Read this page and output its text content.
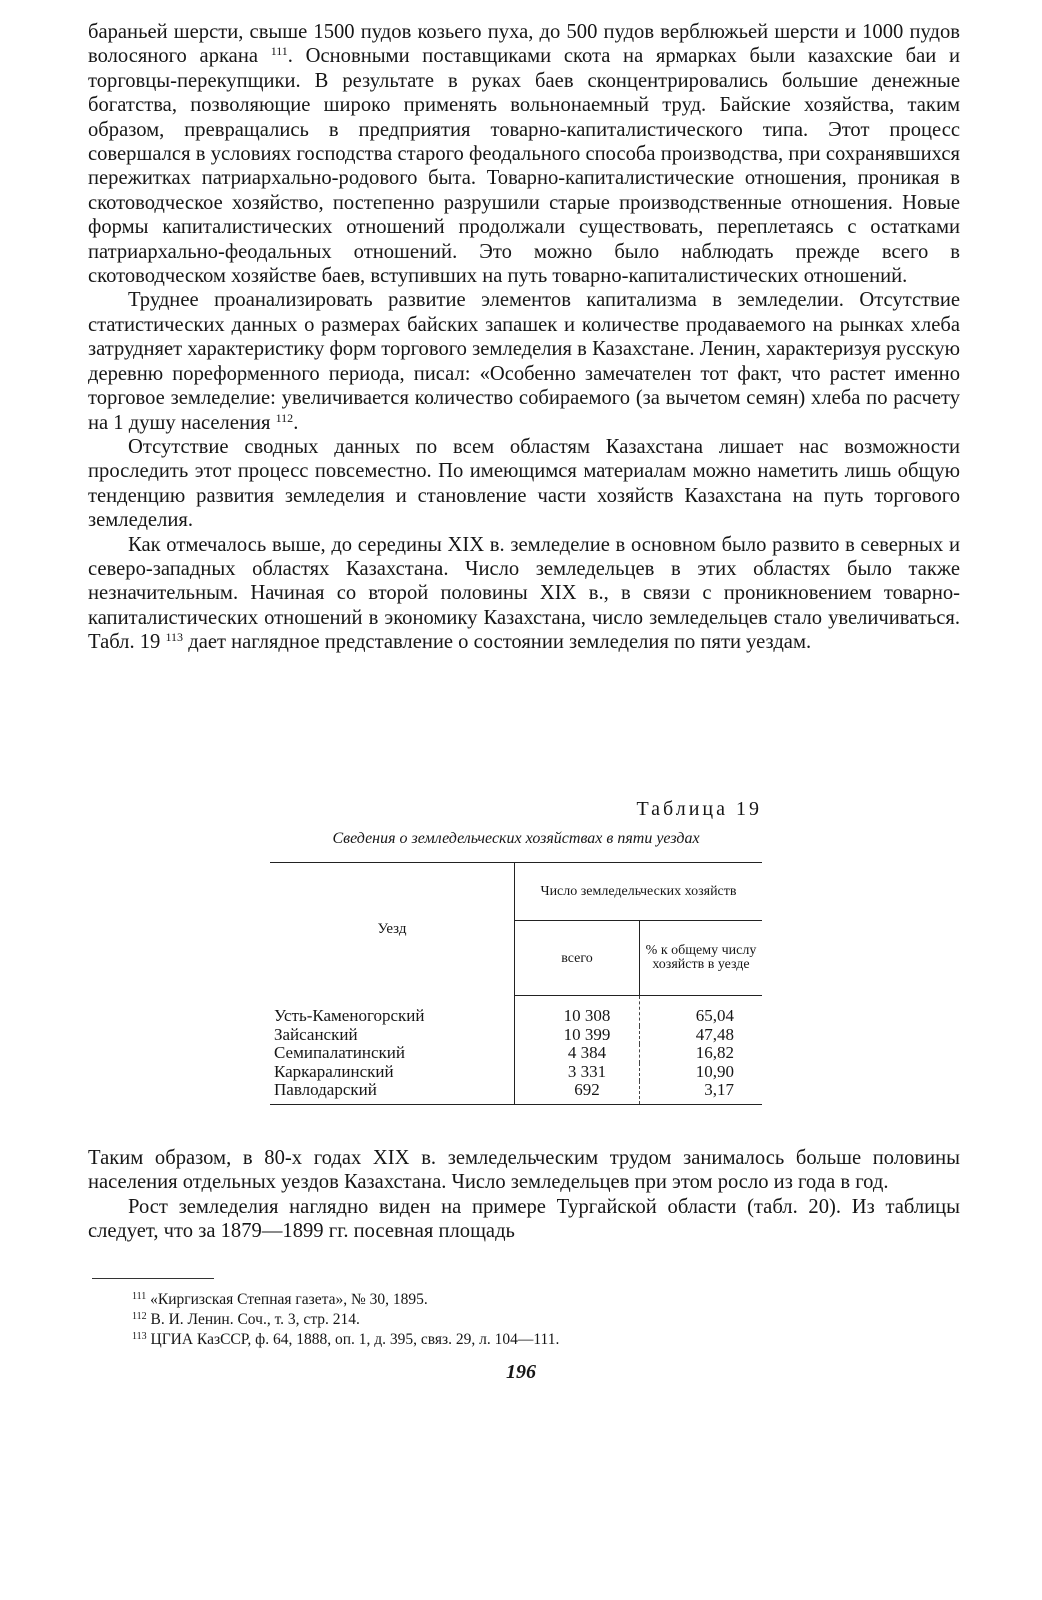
бараньей шерсти, свыше 1500 пудов козьего пуха, до 500 пудов верблюжьей шерсти и 1000 пудов волосяного аркана $^{111}$. Основными поставщиками скота на ярмарках были казахские баи и торговцы-перекупщики. В результате в руках баев сконцентрировались большие денежные богатства, позволяющие широко применять вольнонаемный труд. Байские хозяйства, таким образом, превращались в предприятия товарно-капиталистического типа. Этот процесс совершался в условиях господства старого феодального способа производства, при сохранявшихся пережитках патриархально-родового быта. Товарно-капиталистические отношения, проникая в скотоводческое хозяйство, постепенно разрушили старые производственные отношения. Новые формы капиталистических отношений продолжали существовать, переплетаясь с остатками патриархально-феодальных отношений. Это можно было наблюдать прежде всего в скотоводческом хозяйстве баев, вступивших на путь товарно-капиталистических отношений.

Труднее проанализировать развитие элементов капитализма в земледелии. Отсутствие статистических данных о размерах байских запашек и количестве продаваемого на рынках хлеба затрудняет характеристику форм торгового земледелия в Казахстане. Ленин, характеризуя русскую деревню пореформенного периода, писал: «Особенно замечателен тот факт, что растет именно торговое земледелие: увеличивается количество собираемого (за вычетом семян) хлеба по расчету на 1 душу населения $^{112}$.

Отсутствие сводных данных по всем областям Казахстана лишает нас возможности проследить этот процесс повсеместно. По имеющимся материалам можно наметить лишь общую тенденцию развития земледелия и становление части хозяйств Казахстана на путь торгового земледелия.

Как отмечалось выше, до середины XIX в. земледелие в основном было развито в северных и северо-западных областях Казахстана. Число земледельцев в этих областях было также незначительным. Начиная со второй половины XIX в., в связи с проникновением товарно-капиталистических отношений в экономику Казахстана, число земледельцев стало увеличиваться. Табл. 19 $^{113}$ дает наглядное представление о состоянии земледелия по пяти уездам.

Таблица 19
Сведения о земледельческих хозяйствах в пяти уездах
Уезд	Число земледельческих хозяйств	
	всего	% к общему числу хозяйств в уезде
Усть-Каменогорский	10 308	65,04
Зайсанский	10 399	47,48
Семипалатинский	4 384	16,82
Каркаралинский	3 331	10,90
Павлодарский	692	3,17

Таким образом, в 80-х годах XIX в. земледельческим трудом занималось больше половины населения отдельных уездов Казахстана. Число земледельцев при этом росло из года в год.

Рост земледелия наглядно виден на примере Тургайской области (табл. 20). Из таблицы следует, что за 1879—1899 гг. посевная площадь

$^{111}$ «Киргизская Степная газета», № 30, 1895.
$^{112}$ В. И. Ленин. Соч., т. 3, стр. 214.
$^{113}$ ЦГИА КазССР, ф. 64, 1888, оп. 1, д. 395, связ. 29, л. 104—111.
196
